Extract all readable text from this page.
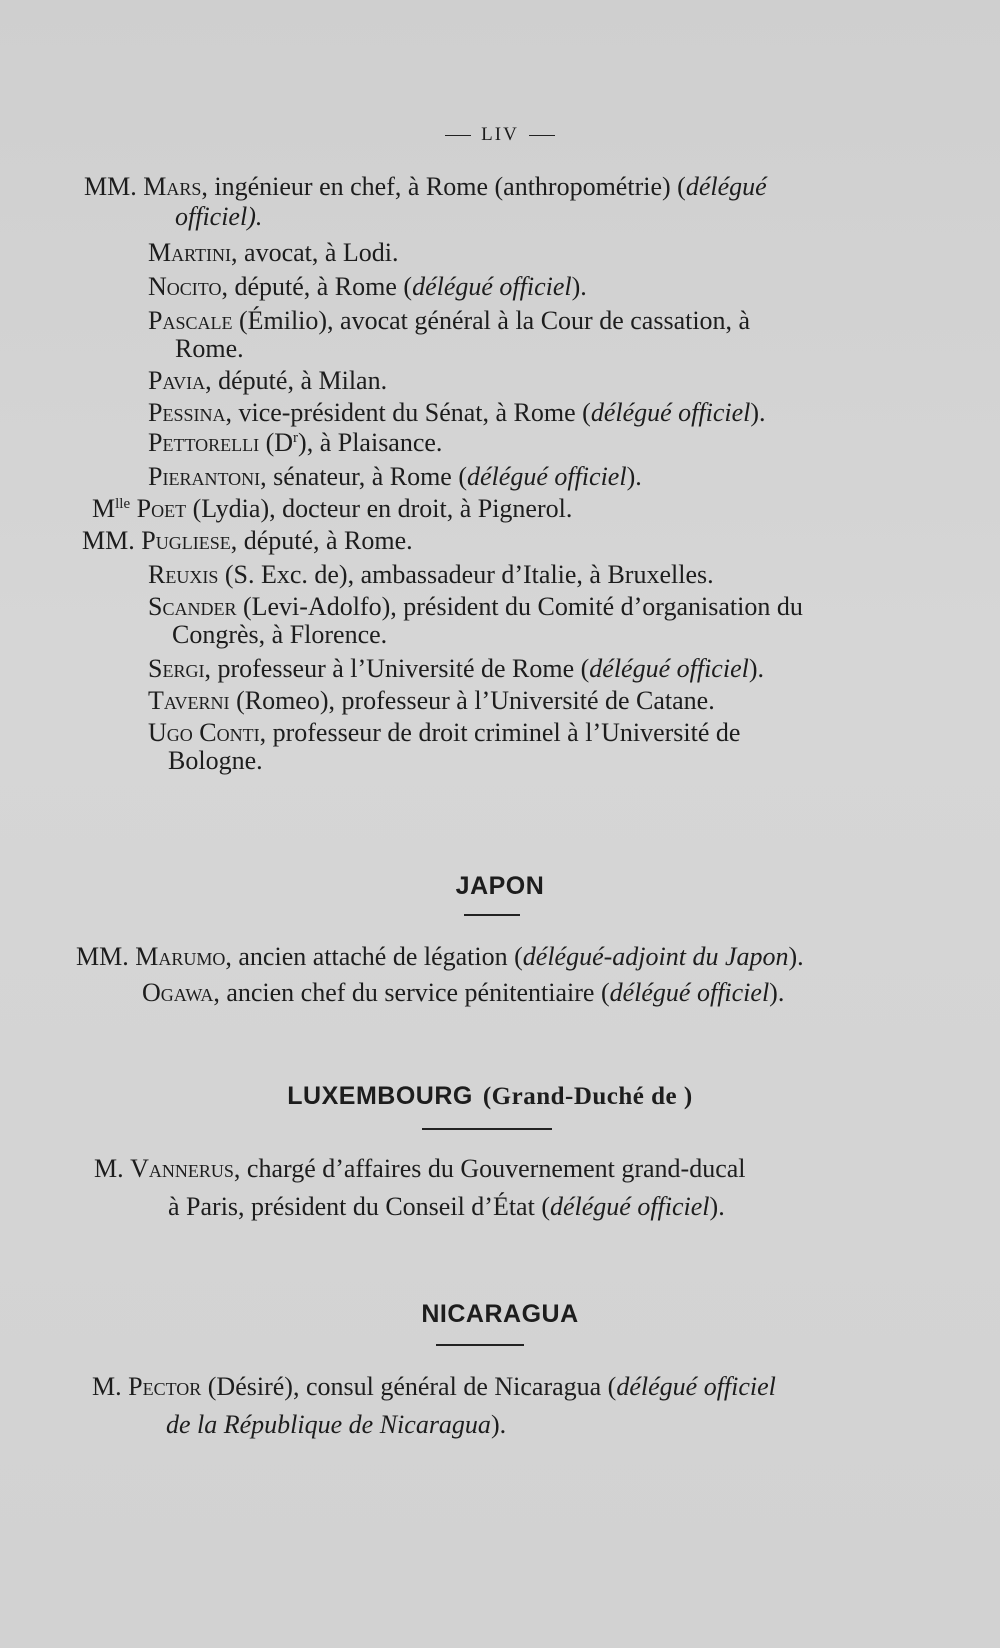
LIV
MM. Mars, ingénieur en chef, à Rome (anthropométrie) (délégué
officiel).
Martini, avocat, à Lodi.
Nocito, député, à Rome (délégué officiel).
Pascale (Émilio), avocat général à la Cour de cassation, à
Rome.
Pavia, député, à Milan.
Pessina, vice-président du Sénat, à Rome (délégué officiel).
Pettorelli $(D^r)$, à Plaisance.
Pierantoni, sénateur, à Rome (délégué officiel).
$M^{lle}$ Poet (Lydia), docteur en droit, à Pignerol.
MM. Pugliese, député, à Rome.
Reuxis (S. Exc. de), ambassadeur d’Italie, à Bruxelles.
Scander (Levi-Adolfo), président du Comité d’organisation du
Congrès, à Florence.
Sergi, professeur à l’Université de Rome (délégué officiel).
Taverni (Romeo), professeur à l’Université de Catane.
Ugo Conti, professeur de droit criminel à l’Université de
Bologne.
JAPON
MM. Marumo, ancien attaché de légation (délégué-adjoint du Japon).
Ogawa, ancien chef du service pénitentiaire (délégué officiel).
LUXEMBOURG (Grand-Duché de )
M. Vannerus, chargé d’affaires du Gouvernement grand-ducal
à Paris, président du Conseil d’État (délégué officiel).
NICARAGUA
M. Pector (Désiré), consul général de Nicaragua (délégué officiel
de la République de Nicaragua).
